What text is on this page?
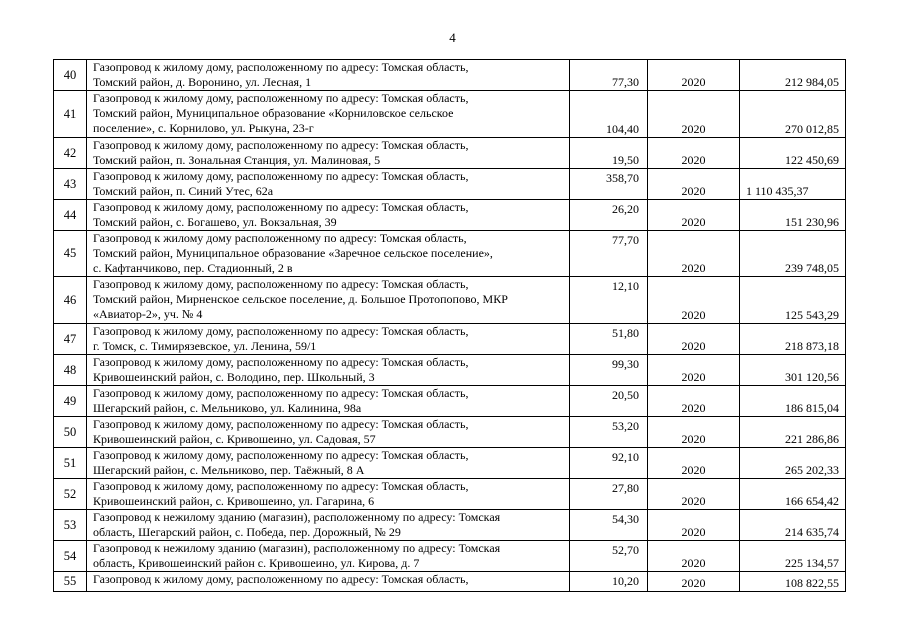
4
40	Газопровод к жилому дому, расположенному по адресу: Томская область,
Томский район, д. Воронино, ул. Лесная, 1	77,30	2020	212 984,05
41	Газопровод к жилому дому, расположенному по адресу: Томская область,
Томский район, Муниципальное образование «Корниловское сельское
поселение», с. Корнилово, ул. Рыкуна, 23-г	104,40	2020	270 012,85
42	Газопровод к жилому дому, расположенному по адресу: Томская область,
Томский район, п. Зональная Станция, ул. Малиновая, 5	19,50	2020	122 450,69
43	Газопровод к жилому дому, расположенному по адресу: Томская область,
Томский район, п. Синий Утес, 62а	358,70	2020	1 110 435,37
44	Газопровод к жилому дому, расположенному по адресу: Томская область,
Томский район, с. Богашево, ул. Вокзальная, 39	26,20	2020	151 230,96
45	Газопровод к жилому дому расположенному по адресу: Томская область,
Томский район, Муниципальное образование «Заречное сельское поселение»,
с. Кафтанчиково, пер. Стадионный, 2 в	77,70	2020	239 748,05
46	Газопровод к жилому дому, расположенному по адресу: Томская область,
Томский район, Мирненское сельское поселение, д. Большое Протопопово, МКР
«Авиатор-2», уч. № 4	12,10	2020	125 543,29
47	Газопровод к жилому дому, расположенному по адресу: Томская область,
г. Томск, с. Тимирязевское, ул. Ленина, 59/1	51,80	2020	218 873,18
48	Газопровод к жилому дому, расположенному по адресу: Томская область,
Кривошеинский район, с. Володино, пер. Школьный, 3	99,30	2020	301 120,56
49	Газопровод к жилому дому, расположенному по адресу: Томская область,
Шегарский район, с. Мельниково, ул. Калинина, 98а	20,50	2020	186 815,04
50	Газопровод к жилому дому, расположенному по адресу: Томская область,
Кривошеинский район, с. Кривошеино, ул. Садовая, 57	53,20	2020	221 286,86
51	Газопровод к жилому дому, расположенному по адресу: Томская область,
Шегарский район, с. Мельниково, пер. Таёжный, 8 А	92,10	2020	265 202,33
52	Газопровод к жилому дому, расположенному по адресу: Томская область,
Кривошеинский район, с. Кривошеино, ул. Гагарина, 6	27,80	2020	166 654,42
53	Газопровод к нежилому зданию (магазин), расположенному по адресу: Томская
область, Шегарский район, с. Победа, пер. Дорожный, № 29	54,30	2020	214 635,74
54	Газопровод к нежилому зданию (магазин), расположенному по адресу: Томская
область, Кривошеинский район с. Кривошеино, ул. Кирова, д. 7	52,70	2020	225 134,57
55	Газопровод к жилому дому, расположенному по адресу: Томская область,	10,20	2020	108 822,55
